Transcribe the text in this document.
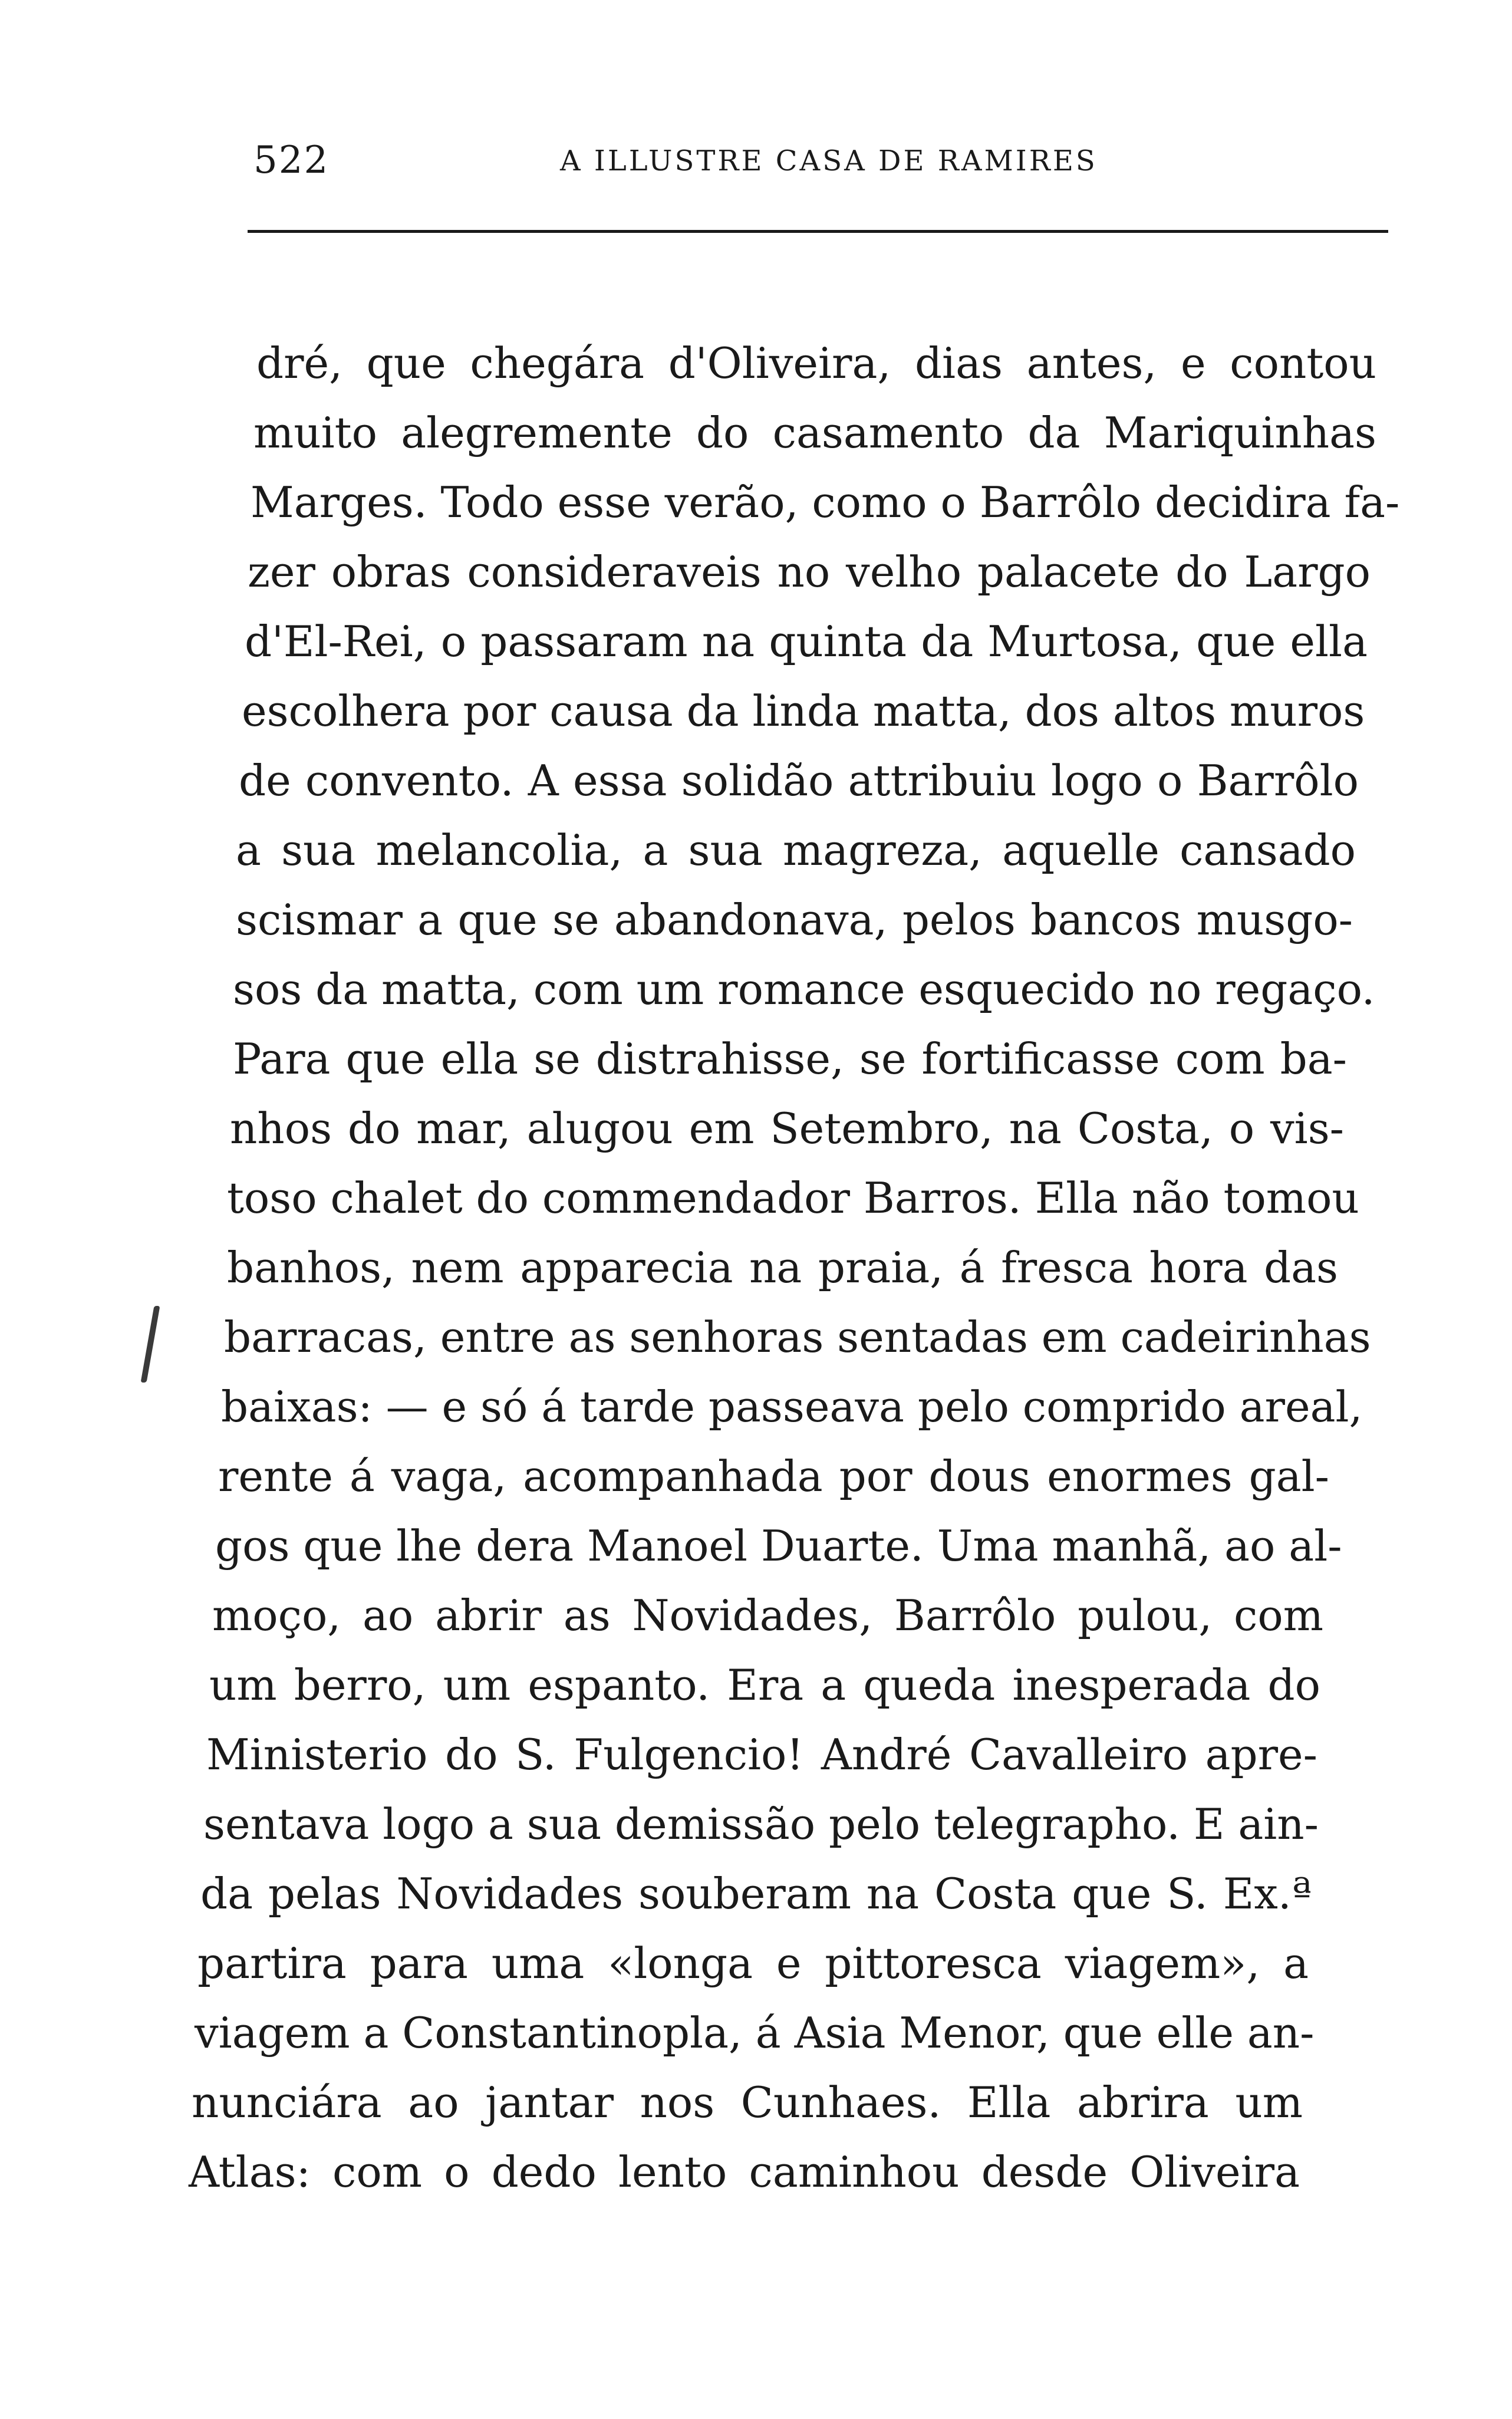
522	A ILLUSTRE CASA DE RAMIRES
dré, que chegára d'Oliveira, dias antes, e contou
muito alegremente do casamento da Mariquinhas
Marges. Todo esse verão, como o Barrôlo decidira fa-
zer obras consideraveis no velho palacete do Largo
d'El-Rei, o passaram na quinta da Murtosa, que ella
escolhera por causa da linda matta, dos altos muros
de convento. A essa solidão attribuiu logo o Barrôlo
a sua melancolia, a sua magreza, aquelle cansado
scismar a que se abandonava, pelos bancos musgo-
sos da matta, com um romance esquecido no regaço.
Para que ella se distrahisse, se fortificasse com ba-
nhos do mar, alugou em Setembro, na Costa, o vis-
toso chalet do commendador Barros. Ella não tomou
banhos, nem apparecia na praia, á fresca hora das
barracas, entre as senhoras sentadas em cadeirinhas
baixas: — e só á tarde passeava pelo comprido areal,
rente á vaga, acompanhada por dous enormes gal-
gos que lhe dera Manoel Duarte. Uma manhã, ao al-
moço, ao abrir as Novidades, Barrôlo pulou, com
um berro, um espanto. Era a queda inesperada do
Ministerio do S. Fulgencio! André Cavalleiro apre-
sentava logo a sua demissão pelo telegrapho. E ain-
da pelas Novidades souberam na Costa que S. Ex.ª
partira para uma «longa e pittoresca viagem», a
viagem a Constantinopla, á Asia Menor, que elle an-
nunciára ao jantar nos Cunhaes. Ella abrira um
Atlas: com o dedo lento caminhou desde Oliveira
